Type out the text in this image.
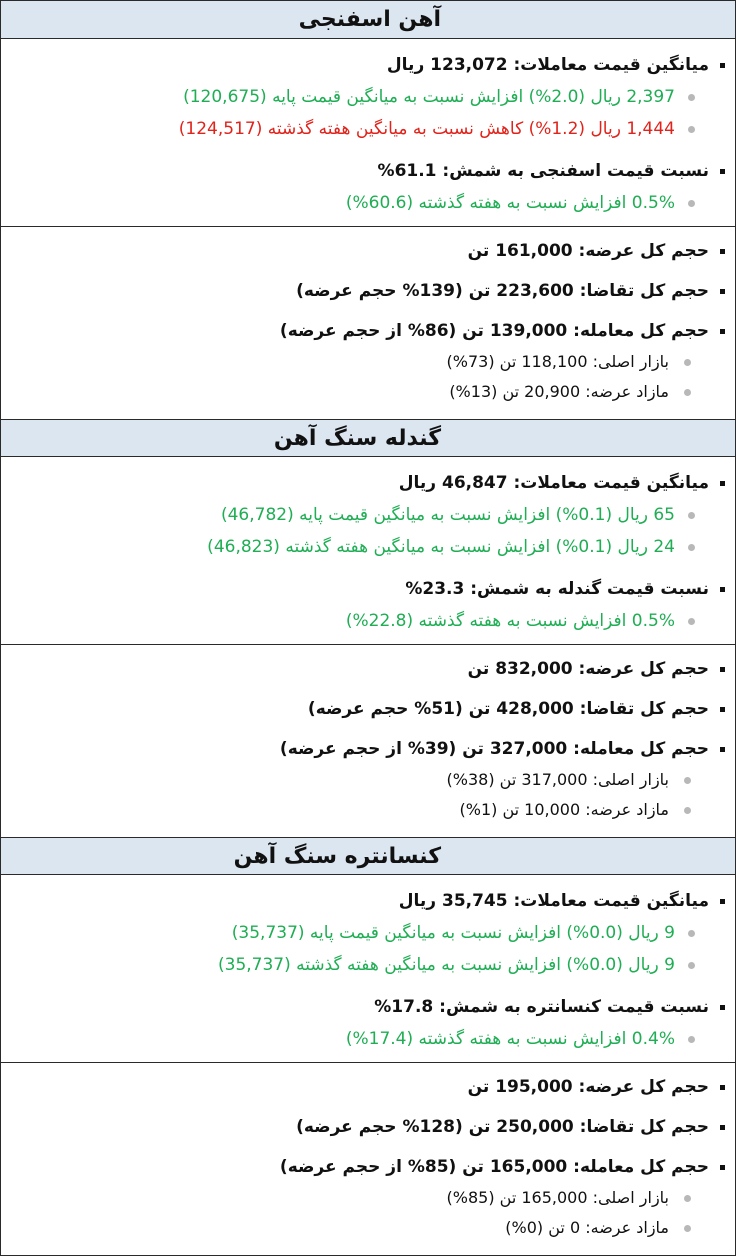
آهن اسفنجی
میانگین قیمت معاملات: 123,072 ریال
2,397 ریال (2.0%) افزایش نسبت به میانگین قیمت پایه (120,675)
1,444 ریال (1.2%) کاهش نسبت به میانگین هفته گذشته (124,517)
نسبت قیمت اسفنجی به شمش: 61.1%
0.5% افزایش نسبت به هفته گذشته (60.6%)
حجم کل عرضه: 161,000 تن
حجم کل تقاضا: 223,600 تن (139% حجم عرضه)
حجم کل معامله: 139,000 تن (86% از حجم عرضه)
بازار اصلی: 118,100 تن (73%)
مازاد عرضه: 20,900 تن (13%)
گندله سنگ آهن
میانگین قیمت معاملات: 46,847 ریال
65 ریال (0.1%) افزایش نسبت به میانگین قیمت پایه (46,782)
24 ریال (0.1%) افزایش نسبت به میانگین هفته گذشته (46,823)
نسبت قیمت گندله به شمش: 23.3%
0.5% افزایش نسبت به هفته گذشته (22.8%)
حجم کل عرضه: 832,000 تن
حجم کل تقاضا: 428,000 تن (51% حجم عرضه)
حجم کل معامله: 327,000 تن (39% از حجم عرضه)
بازار اصلی: 317,000 تن (38%)
مازاد عرضه: 10,000 تن (1%)
کنسانتره سنگ آهن
میانگین قیمت معاملات: 35,745 ریال
9 ریال (0.0%) افزایش نسبت به میانگین قیمت پایه (35,737)
9 ریال (0.0%) افزایش نسبت به میانگین هفته گذشته (35,737)
نسبت قیمت کنسانتره به شمش: 17.8%
0.4% افزایش نسبت به هفته گذشته (17.4%)
حجم کل عرضه: 195,000 تن
حجم کل تقاضا: 250,000 تن (128% حجم عرضه)
حجم کل معامله: 165,000 تن (85% از حجم عرضه)
بازار اصلی: 165,000 تن (85%)
مازاد عرضه: 0 تن (0%)
